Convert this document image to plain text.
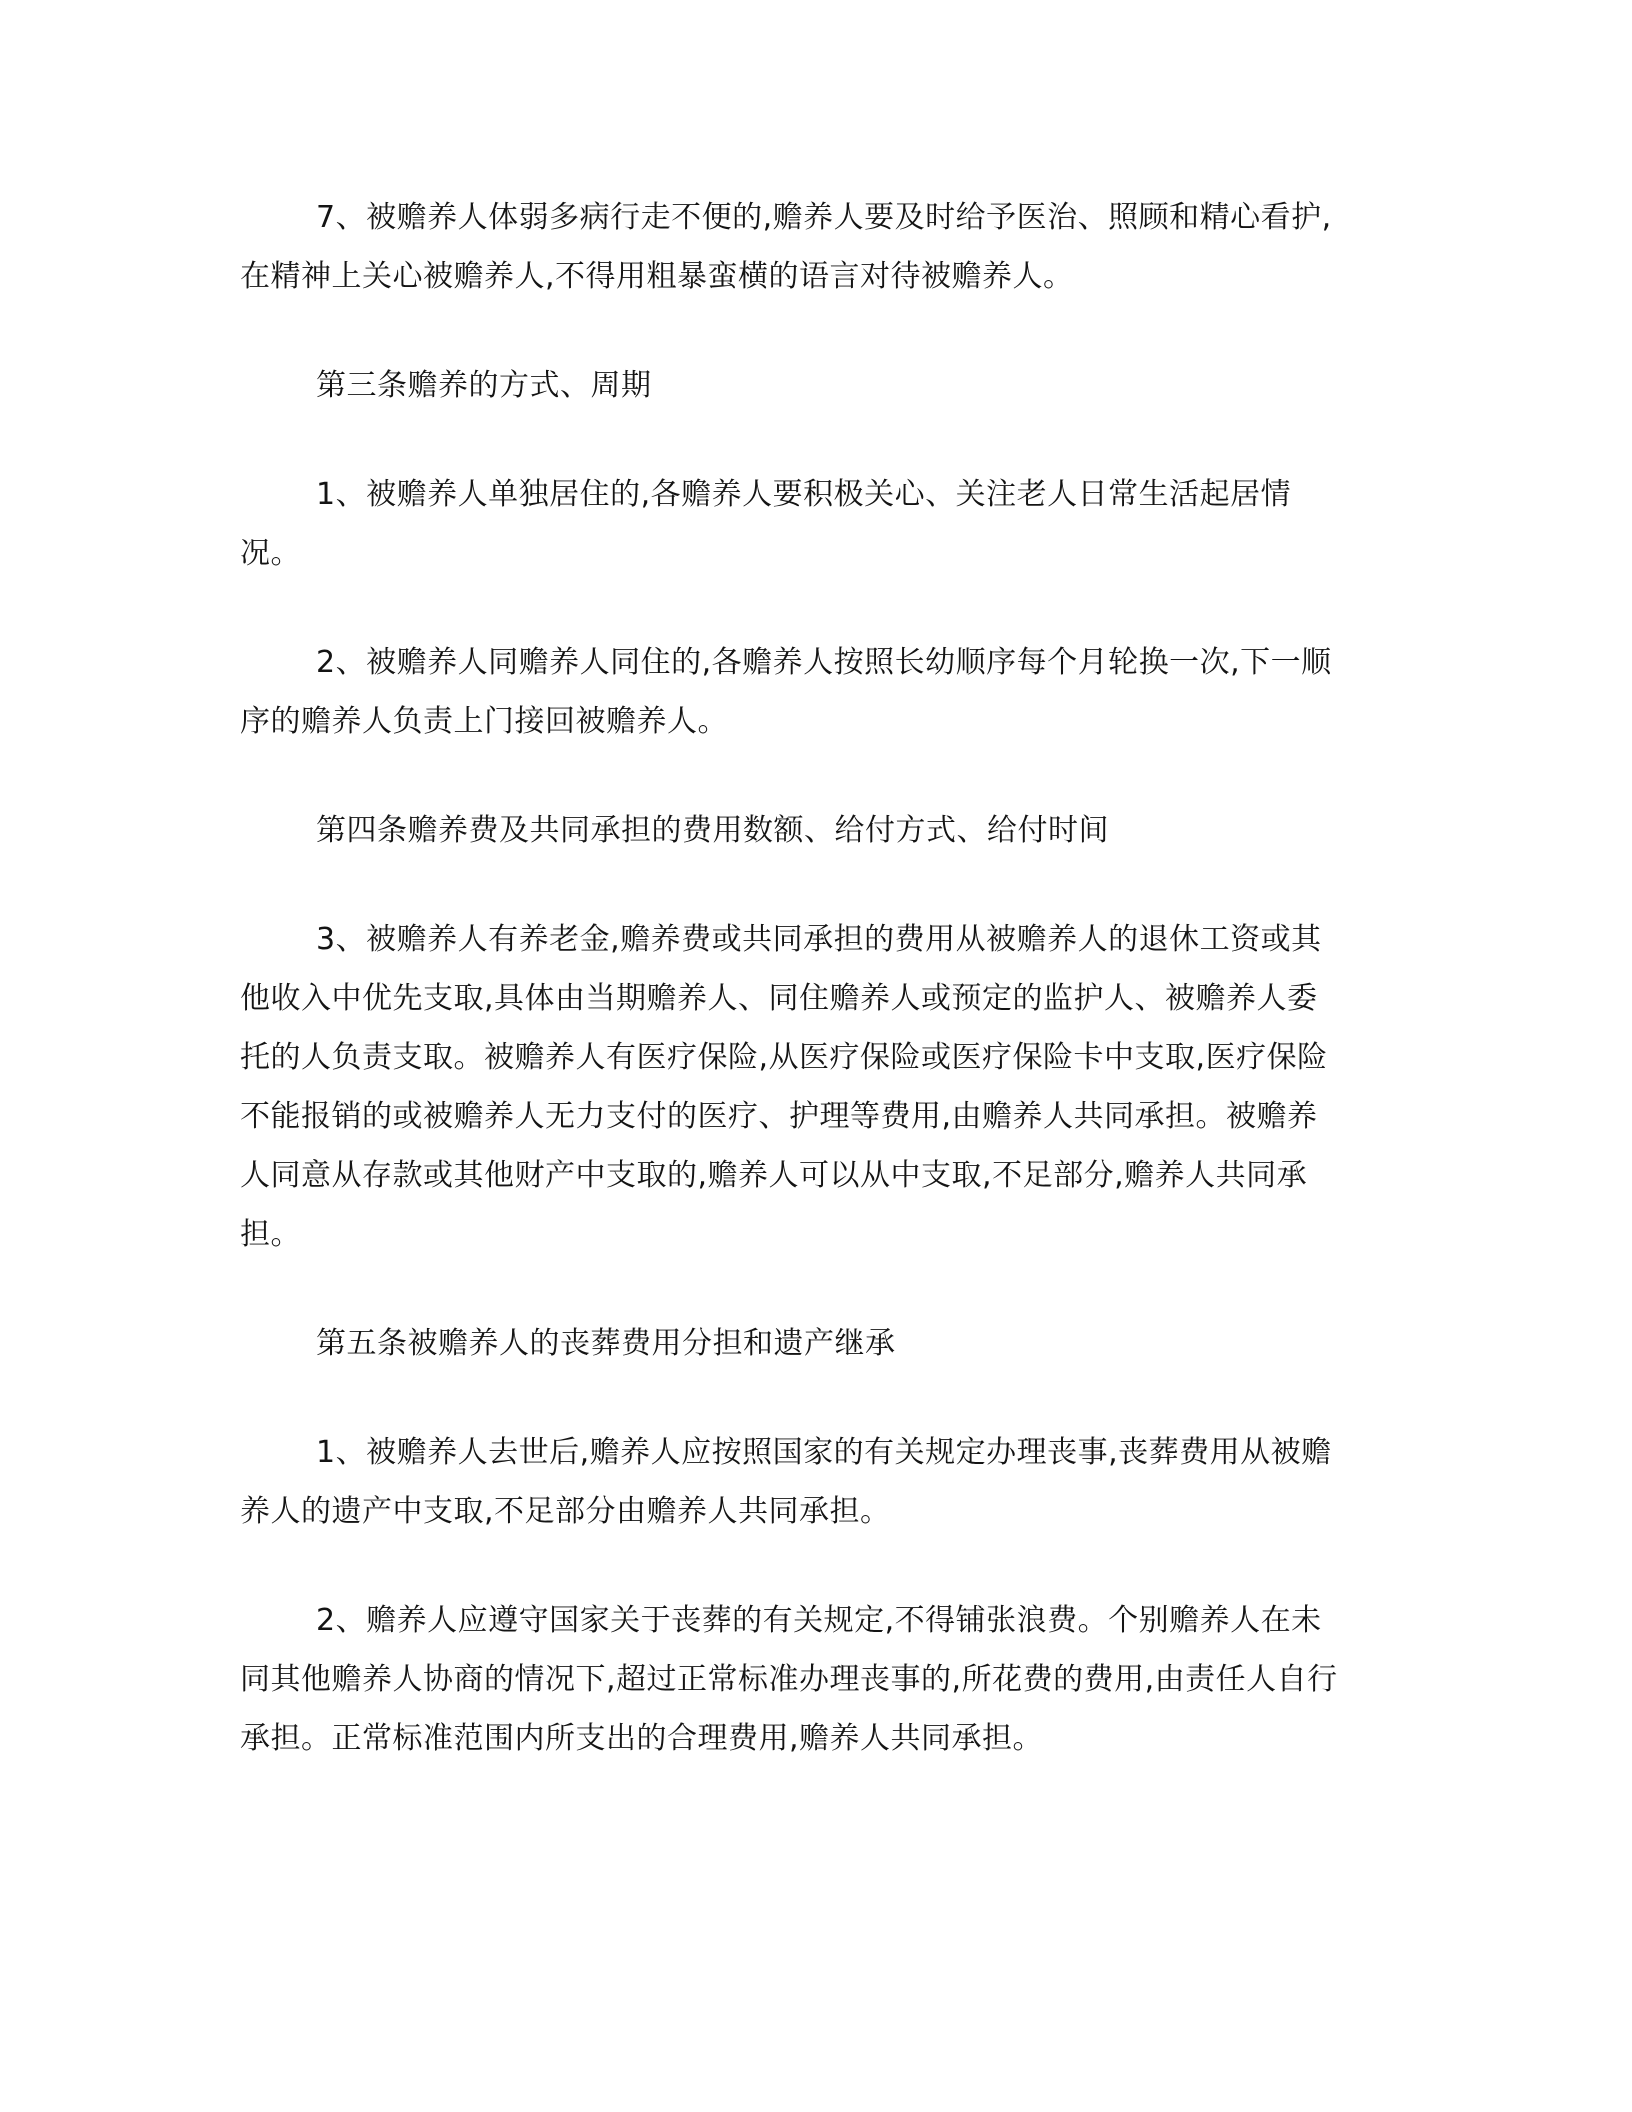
7、被赡养人体弱多病行走不便的,赡养人要及时给予医治、照顾和精心看护,
在精神上关心被赡养人,不得用粗暴蛮横的语言对待被赡养人。

第三条赡养的方式、周期

1、被赡养人单独居住的,各赡养人要积极关心、关注老人日常生活起居情
况。

2、被赡养人同赡养人同住的,各赡养人按照长幼顺序每个月轮换一次,下一顺
序的赡养人负责上门接回被赡养人。

第四条赡养费及共同承担的费用数额、给付方式、给付时间

3、被赡养人有养老金,赡养费或共同承担的费用从被赡养人的退休工资或其
他收入中优先支取,具体由当期赡养人、同住赡养人或预定的监护人、被赡养人委
托的人负责支取。被赡养人有医疗保险,从医疗保险或医疗保险卡中支取,医疗保险
不能报销的或被赡养人无力支付的医疗、护理等费用,由赡养人共同承担。被赡养
人同意从存款或其他财产中支取的,赡养人可以从中支取,不足部分,赡养人共同承
担。

第五条被赡养人的丧葬费用分担和遗产继承

1、被赡养人去世后,赡养人应按照国家的有关规定办理丧事,丧葬费用从被赡
养人的遗产中支取,不足部分由赡养人共同承担。

2、赡养人应遵守国家关于丧葬的有关规定,不得铺张浪费。个别赡养人在未
同其他赡养人协商的情况下,超过正常标准办理丧事的,所花费的费用,由责任人自行
承担。正常标准范围内所支出的合理费用,赡养人共同承担。
